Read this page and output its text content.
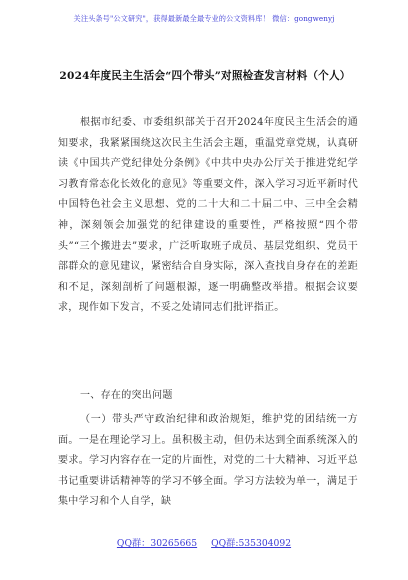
关注头条号"公文研究"，获得最新最全最专业的公文资料库！ 微信：gongwenyj
2024年度民主生活会“四个带头”对照检查发言材料（个人）
根据市纪委、市委组织部关于召开2024年度民主生活会的通知要求，我紧紧围绕这次民主生活会主题，重温党章党规，认真研读《中国共产党纪律处分条例》《中共中央办公厅关于推进党纪学习教育常态化长效化的意见》等重要文件，深入学习习近平新时代中国特色社会主义思想、党的二十大和二十届二中、三中全会精神，深刻领会加强党的纪律建设的重要性，严格按照“四个带头”“三个搬进去”要求，广泛听取班子成员、基层党组织、党员干部群众的意见建议，紧密结合自身实际，深入查找自身存在的差距和不足，深刻剖析了问题根源，逐一明确整改举措。根据会议要求，现作如下发言，不妥之处请同志们批评指正。
一、存在的突出问题
（一）带头严守政治纪律和政治规矩，维护党的团结统一方面。一是在理论学习上。虽积极主动，但仍未达到全面系统深入的要求。学习内容存在一定的片面性，对党的二十大精神、习近平总书记重要讲话精神等的学习不够全面。学习方法较为单一，满足于集中学习和个人自学，缺
QQ群：30265665 QQ群:535304092
